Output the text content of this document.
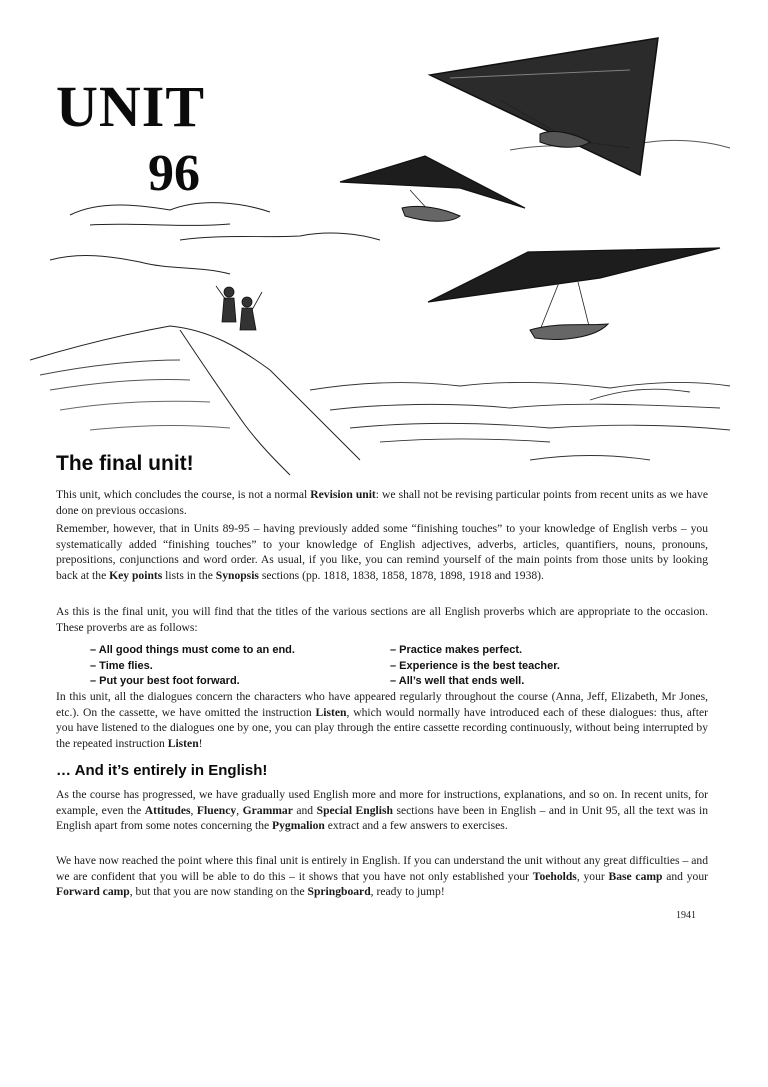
UNIT
96
The final unit!

This unit, which concludes the course, is not a normal Revision unit: we shall not be revising particular points from recent units as we have done on previous occasions.

Remember, however, that in Units 89-95 – having previously added some “finishing touches” to your knowledge of English verbs – you systematically added “finishing touches” to your knowledge of English adjectives, adverbs, articles, quantifiers, nouns, pronouns, prepositions, conjunctions and word order. As usual, if you like, you can remind yourself of the main points from those units by looking back at the Key points lists in the Synopsis sections (pp. 1818, 1838, 1858, 1878, 1898, 1918 and 1938).

As this is the final unit, you will find that the titles of the various sections are all English proverbs which are appropriate to the occasion. These proverbs are as follows:

– All good things must come to an end.	– Practice makes perfect.
– Time flies.	– Experience is the best teacher.
– Put your best foot forward.	– All’s well that ends well.

In this unit, all the dialogues concern the characters who have appeared regularly throughout the course (Anna, Jeff, Elizabeth, Mr Jones, etc.). On the cassette, we have omitted the instruction Listen, which would normally have introduced each of these dialogues: thus, after you have listened to the dialogues one by one, you can play through the entire cassette recording continuously, without being interrupted by the repeated instruction Listen!

… And it’s entirely in English!

As the course has progressed, we have gradually used English more and more for instructions, explanations, and so on. In recent units, for example, even the Attitudes, Fluency, Grammar and Special English sections have been in English – and in Unit 95, all the text was in English apart from some notes concerning the Pygmalion extract and a few answers to exercises.

We have now reached the point where this final unit is entirely in English. If you can understand the unit without any great difficulties – and we are confident that you will be able to do this – it shows that you have not only established your Toeholds, your Base camp and your Forward camp, but that you are now standing on the Springboard, ready to jump!

1941
